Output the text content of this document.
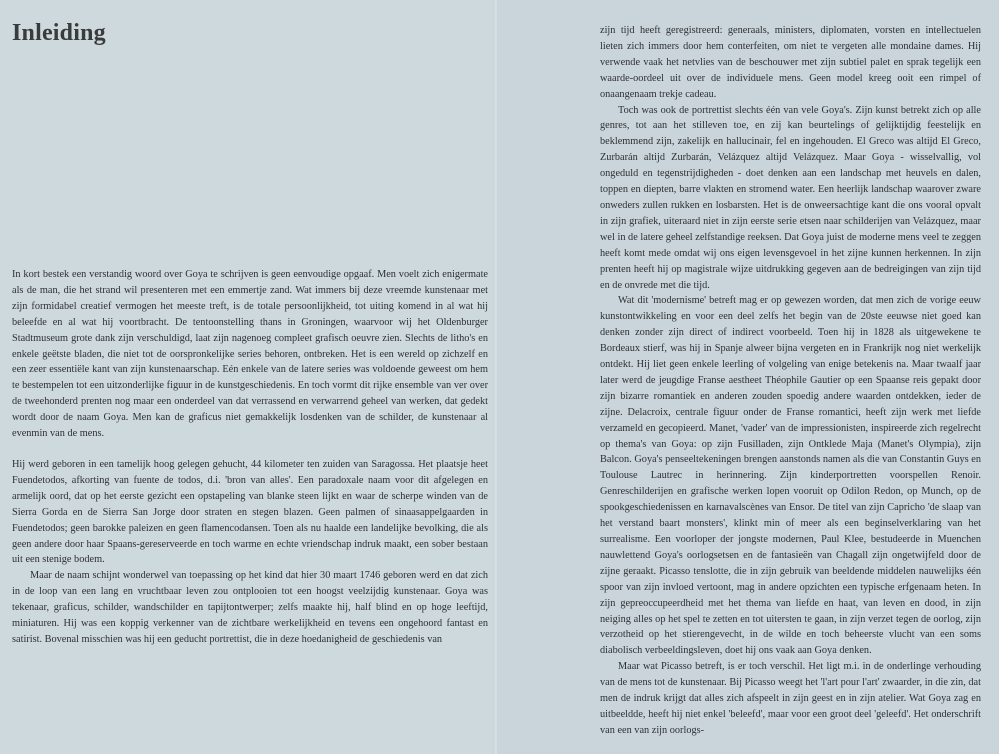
Inleiding

In kort bestek een verstandig woord over Goya te schrijven is geen eenvoudige opgaaf. Men voelt zich enigermate als de man, die het strand wil presenteren met een emmertje zand. Wat immers bij deze vreemde kunstenaar met zijn formidabel creatief vermogen het meeste treft, is de totale persoonlijkheid, tot uiting komend in al wat hij beleefde en al wat hij voortbracht. De tentoonstelling thans in Groningen, waarvoor wij het Oldenburger Stadtmuseum grote dank zijn verschuldigd, laat zijn nagenoeg compleet grafisch oeuvre zien. Slechts de litho's en enkele geëtste bladen, die niet tot de oorspronkelijke series behoren, ontbreken. Het is een wereld op zichzelf en een zeer essentiële kant van zijn kunstenaarschap. Eén enkele van de latere series was voldoende geweest om hem te bestempelen tot een uitzonderlijke figuur in de kunstgeschiedenis. En toch vormt dit rijke ensemble van ver over de tweehonderd prenten nog maar een onderdeel van dat verrassend en verwarrend geheel van werken, dat gedekt wordt door de naam Goya. Men kan de graficus niet gemakkelijk losdenken van de schilder, de kunstenaar al evenmin van de mens.

Hij werd geboren in een tamelijk hoog gelegen gehucht, 44 kilometer ten zuiden van Saragossa. Het plaatsje heet Fuendetodos, afkorting van fuente de todos, d.i. 'bron van alles'. Een paradoxale naam voor dit afgelegen en armelijk oord, dat op het eerste gezicht een opstapeling van blanke steen lijkt en waar de scherpe winden van de Sierra Gorda en de Sierra San Jorge door straten en stegen blazen. Geen palmen of sinaasappelgaarden in Fuendetodos; geen barokke paleizen en geen flamencodansen. Toen als nu haalde een landelijke bevolking, die als geen andere door haar Spaans-gereserveerde en toch warme en echte vriendschap indruk maakt, een sober bestaan uit een stenige bodem.

Maar de naam schijnt wonderwel van toepassing op het kind dat hier 30 maart 1746 geboren werd en dat zich in de loop van een lang en vruchtbaar leven zou ontplooien tot een hoogst veelzijdig kunstenaar. Goya was tekenaar, graficus, schilder, wandschilder en tapijtontwerper; zelfs maakte hij, half blind en op hoge leeftijd, miniaturen. Hij was een koppig verkenner van de zichtbare werkelijkheid en tevens een ongehoord fantast en satirist. Bovenal misschien was hij een geducht portrettist, die in deze hoedanigheid de geschiedenis van

zijn tijd heeft geregistreerd: generaals, ministers, diplomaten, vorsten en intellectuelen lieten zich immers door hem conterfeiten, om niet te vergeten alle mondaine dames. Hij verwende vaak het netvlies van de beschouwer met zijn subtiel palet en sprak tegelijk een waarde-oordeel uit over de individuele mens. Geen model kreeg ooit een rimpel of onaangenaam trekje cadeau.

Toch was ook de portrettist slechts één van vele Goya's. Zijn kunst betrekt zich op alle genres, tot aan het stilleven toe, en zij kan beurtelings of gelijktijdig feestelijk en beklemmend zijn, zakelijk en hallucinair, fel en ingehouden. El Greco was altijd El Greco, Zurbarán altijd Zurbarán, Velázquez altijd Velázquez. Maar Goya - wisselvallig, vol ongeduld en tegenstrijdigheden - doet denken aan een landschap met heuvels en dalen, toppen en diepten, barre vlakten en stromend water. Een heerlijk landschap waarover zware onweders zullen rukken en losbarsten. Het is de onweersachtige kant die ons vooral opvalt in zijn grafiek, uiteraard niet in zijn eerste serie etsen naar schilderijen van Velázquez, maar wel in de latere geheel zelfstandige reeksen. Dat Goya juist de moderne mens veel te zeggen heeft komt mede omdat wij ons eigen levensgevoel in het zijne kunnen herkennen. In zijn prenten heeft hij op magistrale wijze uitdrukking gegeven aan de bedreigingen van zijn tijd en de onvrede met die tijd.

Wat dit 'modernisme' betreft mag er op gewezen worden, dat men zich de vorige eeuw kunstontwikkeling en voor een deel zelfs het begin van de 20ste eeuwse niet goed kan denken zonder zijn direct of indirect voorbeeld. Toen hij in 1828 als uitgewekene te Bordeaux stierf, was hij in Spanje alweer bijna vergeten en in Frankrijk nog niet werkelijk ontdekt. Hij liet geen enkele leerling of volgeling van enige betekenis na. Maar twaalf jaar later werd de jeugdige Franse aestheet Théophile Gautier op een Spaanse reis gepakt door zijn bizarre romantiek en anderen zouden spoedig andere waarden ontdekken, ieder de zijne. Delacroix, centrale figuur onder de Franse romantici, heeft zijn werk met liefde verzameld en gecopieerd. Manet, 'vader' van de impressionisten, inspireerde zich regelrecht op thema's van Goya: op zijn Fusilladen, zijn Ontklede Maja (Manet's Olympia), zijn Balcon. Goya's penseeltekeningen brengen aanstonds namen als die van Constantin Guys en Toulouse Lautrec in herinnering. Zijn kinderportretten voorspellen Renoir. Genreschilderijen en grafische werken lopen vooruit op Odilon Redon, op Munch, op de spookgeschiedenissen en karnavalscènes van Ensor. De titel van zijn Capricho 'de slaap van het verstand baart monsters', klinkt min of meer als een beginselverklaring van het surrealisme. Een voorloper der jongste modernen, Paul Klee, bestudeerde in Muenchen nauwlettend Goya's oorlogsetsen en de fantasieën van Chagall zijn ongetwijfeld door de zijne geraakt. Picasso tenslotte, die in zijn gebruik van beeldende middelen nauwelijks één spoor van zijn invloed vertoont, mag in andere opzichten een typische erfgenaam heten. In zijn gepreoccupeerdheid met het thema van liefde en haat, van leven en dood, in zijn neiging alles op het spel te zetten en tot uitersten te gaan, in zijn verzet tegen de oorlog, zijn verzotheid op het stierengevecht, in de wilde en toch beheerste vlucht van een soms diabolisch verbeeldingsleven, doet hij ons vaak aan Goya denken.

Maar wat Picasso betreft, is er toch verschil. Het ligt m.i. in de onderlinge verhouding van de mens tot de kunstenaar. Bij Picasso weegt het 'l'art pour l'art' zwaarder, in die zin, dat men de indruk krijgt dat alles zich afspeelt in zijn geest en in zijn atelier. Wat Goya zag en uitbeeldde, heeft hij niet enkel 'beleefd', maar voor een groot deel 'geleefd'. Het onderschrift van een van zijn oorlogs-
